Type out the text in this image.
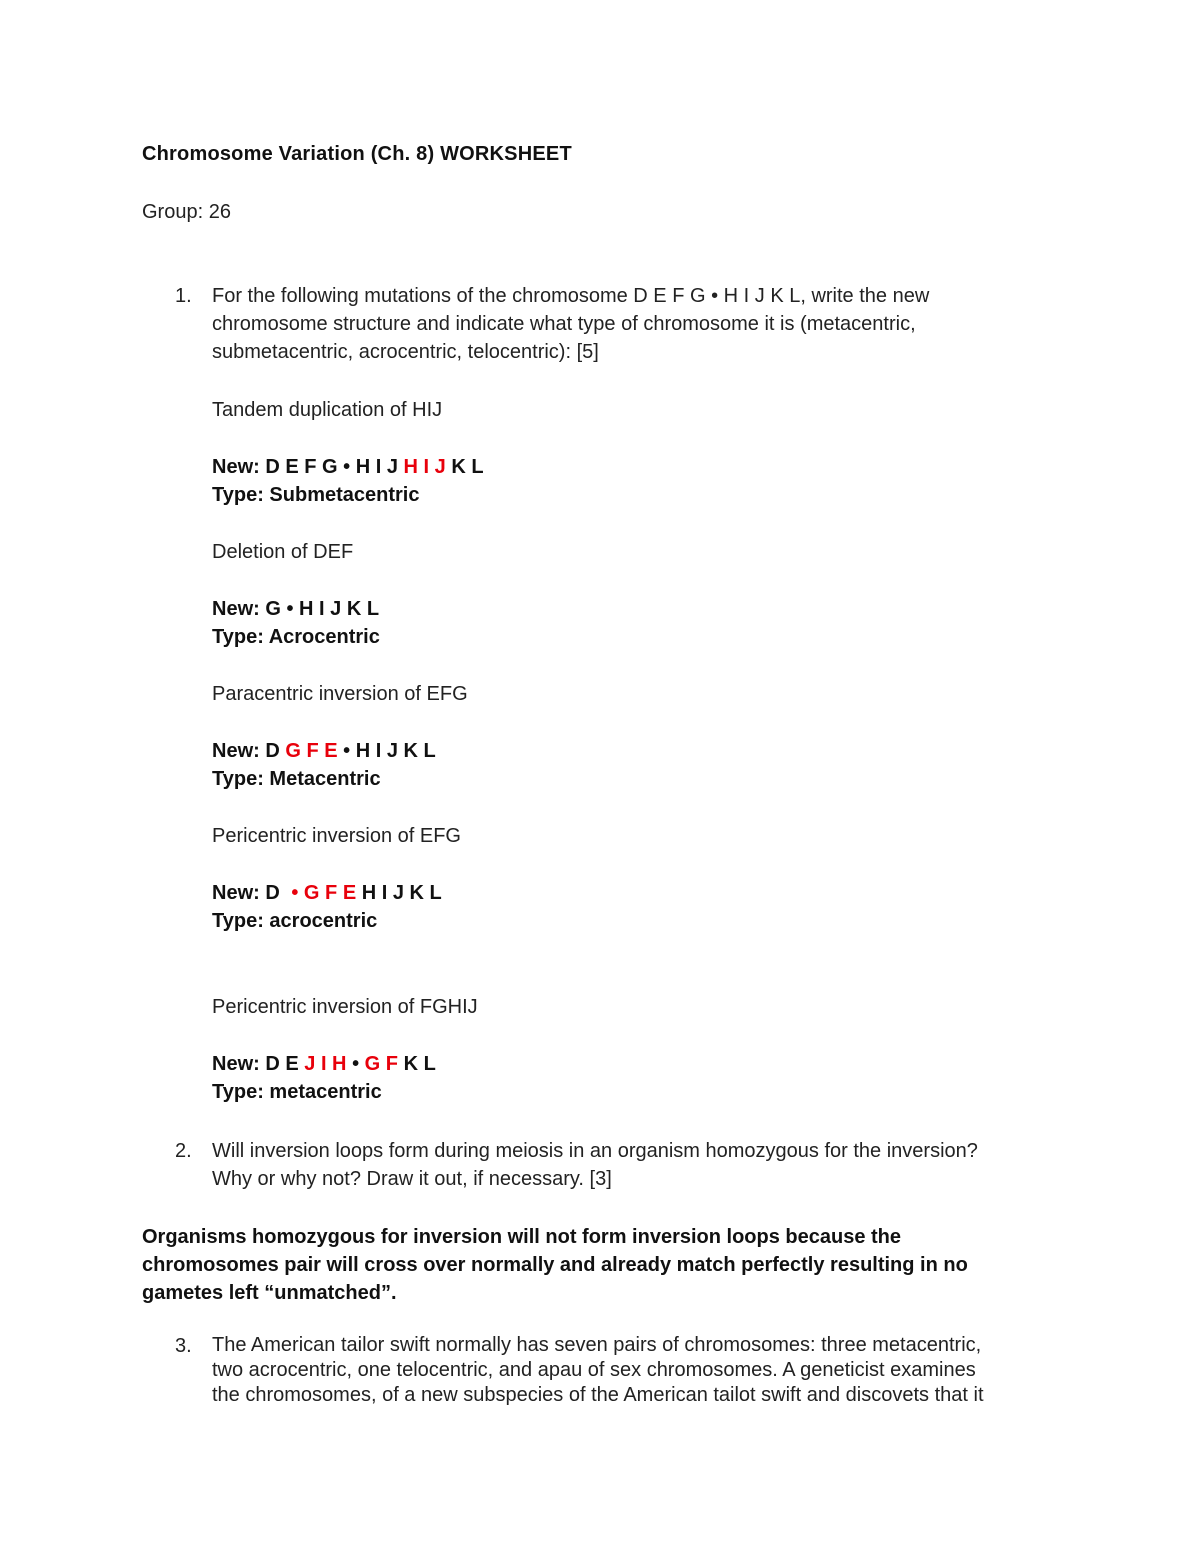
Chromosome Variation (Ch. 8) WORKSHEET
Group: 26
1. For the following mutations of the chromosome D E F G • H I J K L, write the new
chromosome structure and indicate what type of chromosome it is (metacentric,
submetacentric, acrocentric, telocentric): [5]
Tandem duplication of HIJ
New: D E F G • H I J H I J K L
Type: Submetacentric
Deletion of DEF
New: G • H I J K L
Type: Acrocentric
Paracentric inversion of EFG
New: D G F E • H I J K L
Type: Metacentric
Pericentric inversion of EFG
New: D • G F E H I J K L
Type: acrocentric
Pericentric inversion of FGHIJ
New: D E J I H • G F K L
Type: metacentric
2. Will inversion loops form during meiosis in an organism homozygous for the inversion?
Why or why not? Draw it out, if necessary. [3]
Organisms homozygous for inversion will not form inversion loops because the
chromosomes pair will cross over normally and already match perfectly resulting in no
gametes left “unmatched”.
3. The American tailor swift normally has seven pairs of chromosomes: three metacentric,
two acrocentric, one telocentric, and apau of sex chromosomes. A geneticist examines
the chromosomes, of a new subspecies of the American tailot swift and discovets that it
